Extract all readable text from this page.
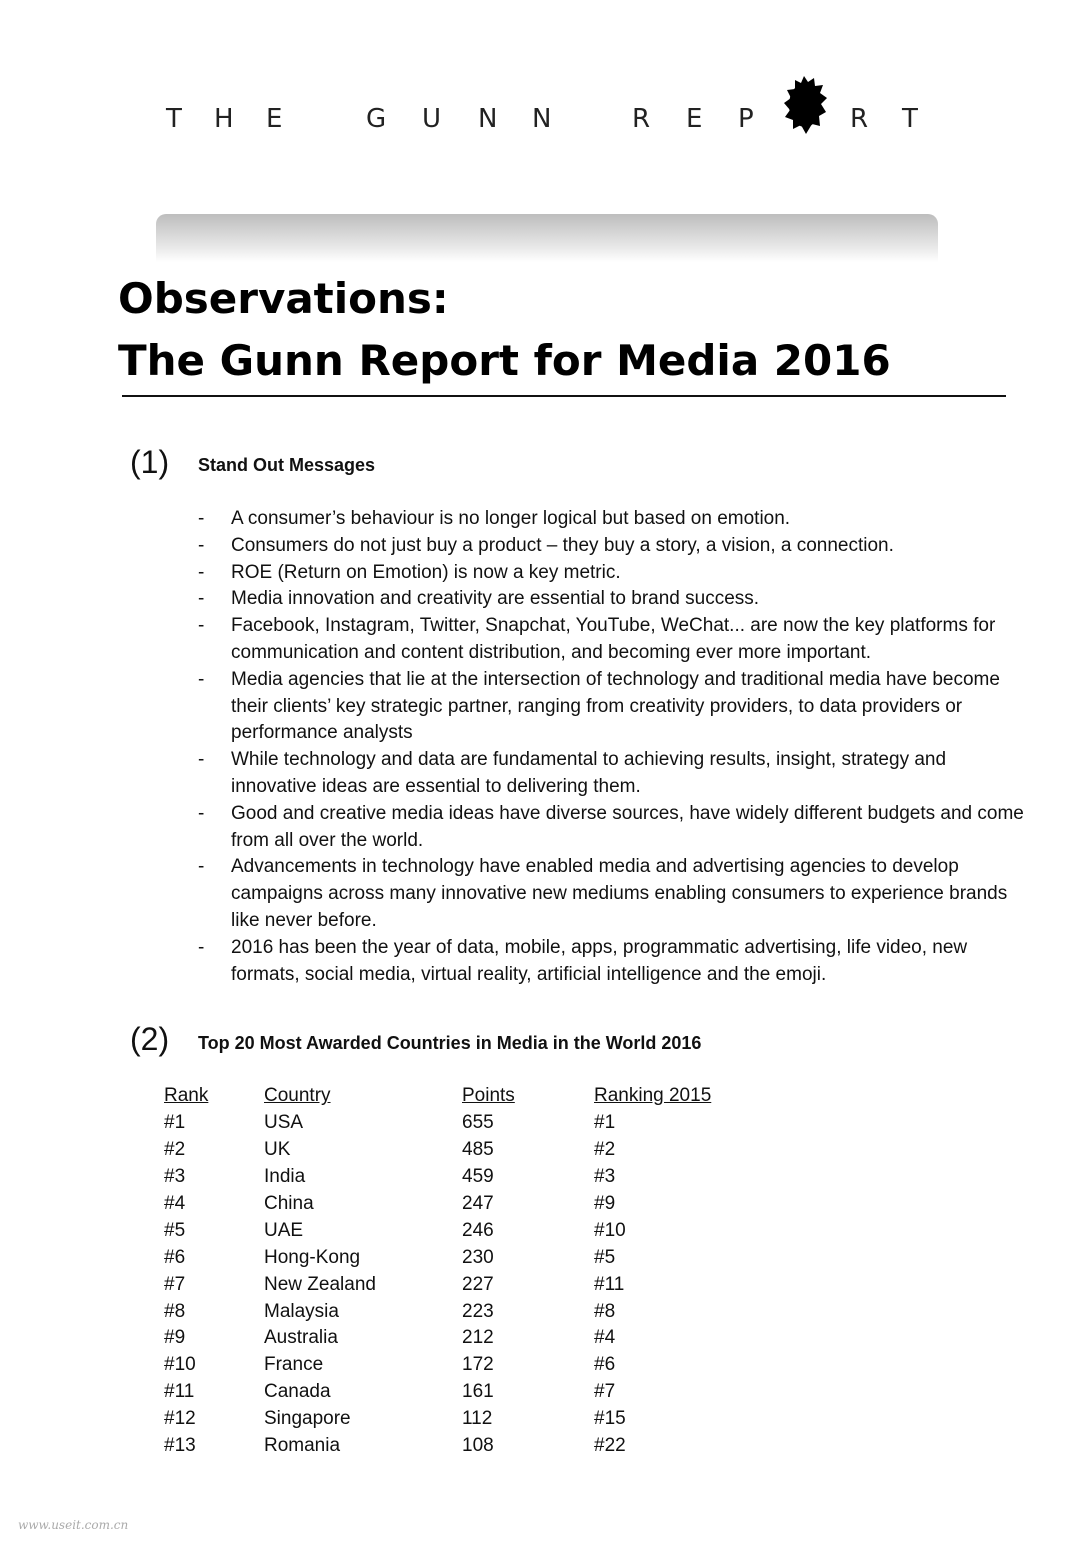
T H E	G U N N	R E P	R T
Observations:
The Gunn Report for Media 2016
(1) Stand Out Messages
- A consumer’s behaviour is no longer logical but based on emotion.
- Consumers do not just buy a product – they buy a story, a vision, a connection.
- ROE (Return on Emotion) is now a key metric.
- Media innovation and creativity are essential to brand success.
- Facebook, Instagram, Twitter, Snapchat, YouTube, WeChat... are now the key platforms for communication and content distribution, and becoming ever more important.
- Media agencies that lie at the intersection of technology and traditional media have become their clients’ key strategic partner, ranging from creativity providers, to data providers or performance analysts
- While technology and data are fundamental to achieving results, insight, strategy and innovative ideas are essential to delivering them.
- Good and creative media ideas have diverse sources, have widely different budgets and come from all over the world.
- Advancements in technology have enabled media and advertising agencies to develop campaigns across many innovative new mediums enabling consumers to experience brands like never before.
- 2016 has been the year of data, mobile, apps, programmatic advertising, life video, new formats, social media, virtual reality, artificial intelligence and the emoji.
(2) Top 20 Most Awarded Countries in Media in the World 2016
Rank	Country	Points	Ranking 2015
#1	USA	655	#1
#2	UK	485	#2
#3	India	459	#3
#4	China	247	#9
#5	UAE	246	#10
#6	Hong-Kong	230	#5
#7	New Zealand	227	#11
#8	Malaysia	223	#8
#9	Australia	212	#4
#10	France	172	#6
#11	Canada	161	#7
#12	Singapore	112	#15
#13	Romania	108	#22
www.useit.com.cn
